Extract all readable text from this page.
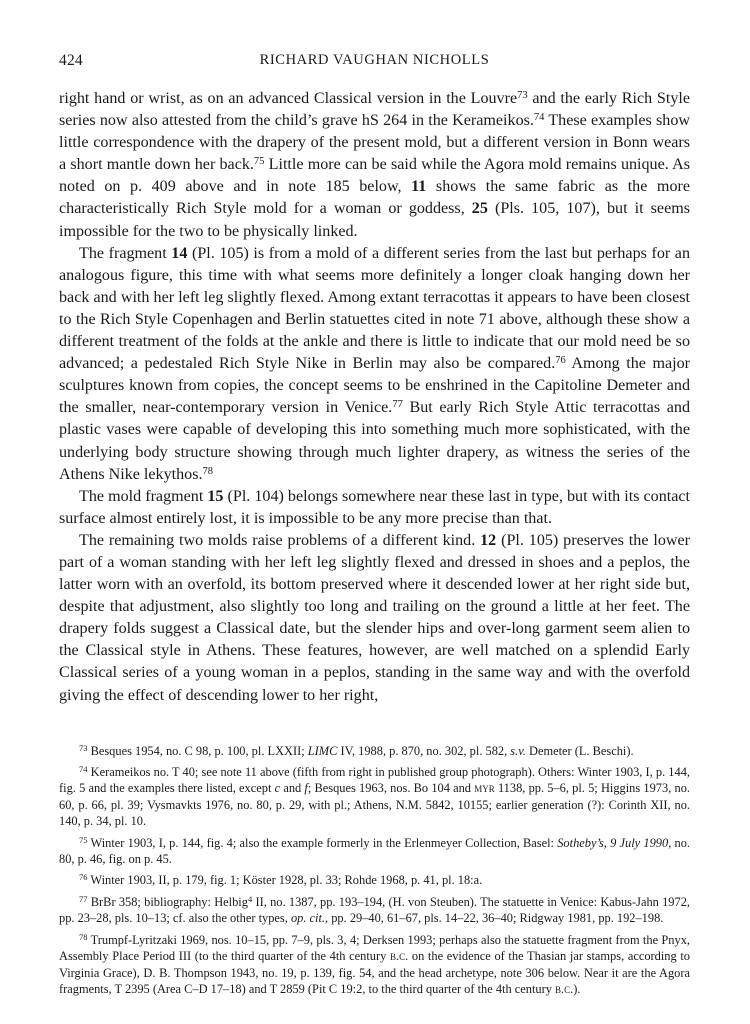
424	RICHARD VAUGHAN NICHOLLS

right hand or wrist, as on an advanced Classical version in the Louvre$^{73}$ and the early Rich Style series now also attested from the child’s grave hS 264 in the Kerameikos.$^{74}$ These examples show little correspondence with the drapery of the present mold, but a different version in Bonn wears a short mantle down her back.$^{75}$ Little more can be said while the Agora mold remains unique. As noted on p. 409 above and in note 185 below, 11 shows the same fabric as the more characteristically Rich Style mold for a woman or goddess, 25 (Pls. 105, 107), but it seems impossible for the two to be physically linked.

The fragment 14 (Pl. 105) is from a mold of a different series from the last but perhaps for an analogous figure, this time with what seems more definitely a longer cloak hanging down her back and with her left leg slightly flexed. Among extant terracottas it appears to have been closest to the Rich Style Copenhagen and Berlin statuettes cited in note 71 above, although these show a different treatment of the folds at the ankle and there is little to indicate that our mold need be so advanced; a pedestaled Rich Style Nike in Berlin may also be compared.$^{76}$ Among the major sculptures known from copies, the concept seems to be enshrined in the Capitoline Demeter and the smaller, near-contemporary version in Venice.$^{77}$ But early Rich Style Attic terracottas and plastic vases were capable of developing this into something much more sophisticated, with the underlying body structure showing through much lighter drapery, as witness the series of the Athens Nike lekythos.$^{78}$

The mold fragment 15 (Pl. 104) belongs somewhere near these last in type, but with its contact surface almost entirely lost, it is impossible to be any more precise than that.

The remaining two molds raise problems of a different kind. 12 (Pl. 105) preserves the lower part of a woman standing with her left leg slightly flexed and dressed in shoes and a peplos, the latter worn with an overfold, its bottom preserved where it descended lower at her right side but, despite that adjustment, also slightly too long and trailing on the ground a little at her feet. The drapery folds suggest a Classical date, but the slender hips and over-long garment seem alien to the Classical style in Athens. These features, however, are well matched on a splendid Early Classical series of a young woman in a peplos, standing in the same way and with the overfold giving the effect of descending lower to her right,

$^{73}$ Besques 1954, no. C 98, p. 100, pl. LXXII; LIMC IV, 1988, p. 870, no. 302, pl. 582, s.v. Demeter (L. Beschi).

$^{74}$ Kerameikos no. T 40; see note 11 above (fifth from right in published group photograph). Others: Winter 1903, I, p. 144, fig. 5 and the examples there listed, except c and f; Besques 1963, nos. Bo 104 and myr 1138, pp. 5–6, pl. 5; Higgins 1973, no. 60, p. 66, pl. 39; Vysmavkts 1976, no. 80, p. 29, with pl.; Athens, N.M. 5842, 10155; earlier generation (?): Corinth XII, no. 140, p. 34, pl. 10.

$^{75}$ Winter 1903, I, p. 144, fig. 4; also the example formerly in the Erlenmeyer Collection, Basel: Sotheby’s, 9 July 1990, no. 80, p. 46, fig. on p. 45.

$^{76}$ Winter 1903, II, p. 179, fig. 1; Köster 1928, pl. 33; Rohde 1968, p. 41, pl. 18:a.

$^{77}$ BrBr 358; bibliography: Helbig$^4$ II, no. 1387, pp. 193–194, (H. von Steuben). The statuette in Venice: Kabus-Jahn 1972, pp. 23–28, pls. 10–13; cf. also the other types, op. cit., pp. 29–40, 61–67, pls. 14–22, 36–40; Ridgway 1981, pp. 192–198.

$^{78}$ Trumpf-Lyritzaki 1969, nos. 10–15, pp. 7–9, pls. 3, 4; Derksen 1993; perhaps also the statuette fragment from the Pnyx, Assembly Place Period III (to the third quarter of the 4th century b.c. on the evidence of the Thasian jar stamps, according to Virginia Grace), D. B. Thompson 1943, no. 19, p. 139, fig. 54, and the head archetype, note 306 below. Near it are the Agora fragments, T 2395 (Area C–D 17–18) and T 2859 (Pit C 19:2, to the third quarter of the 4th century b.c.).
